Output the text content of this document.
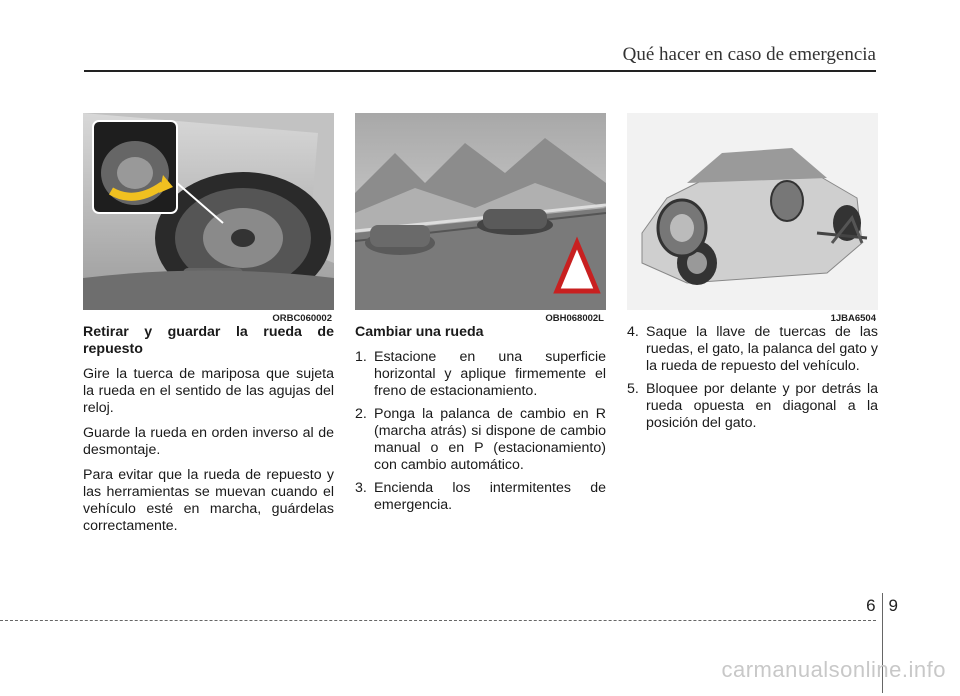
Qué hacer en caso de emergencia
ORBC060002

Retirar y guardar la rueda de repuesto

Gire la tuerca de mariposa que sujeta la rueda en el sentido de las agujas del reloj.

Guarde la rueda en orden inverso al de desmontaje.

Para evitar que la rueda de repuesto y las herramientas se muevan cuando el vehículo esté en marcha, guárdelas correctamente.

OBH068002L

Cambiar una rueda

1. Estacione en una superficie horizontal y aplique firmemente el freno de estacionamiento.
2. Ponga la palanca de cambio en R (marcha atrás) si dispone de cambio manual o en P (estacionamiento) con cambio automático.
3. Encienda los intermitentes de emergencia.
1JBA6504
4. Saque la llave de tuercas de las ruedas, el gato, la palanca del gato y la rueda de repuesto del vehículo.
5. Bloquee por delante y por detrás la rueda opuesta en diagonal a la posición del gato.
6 9
carmanualsonline.info
